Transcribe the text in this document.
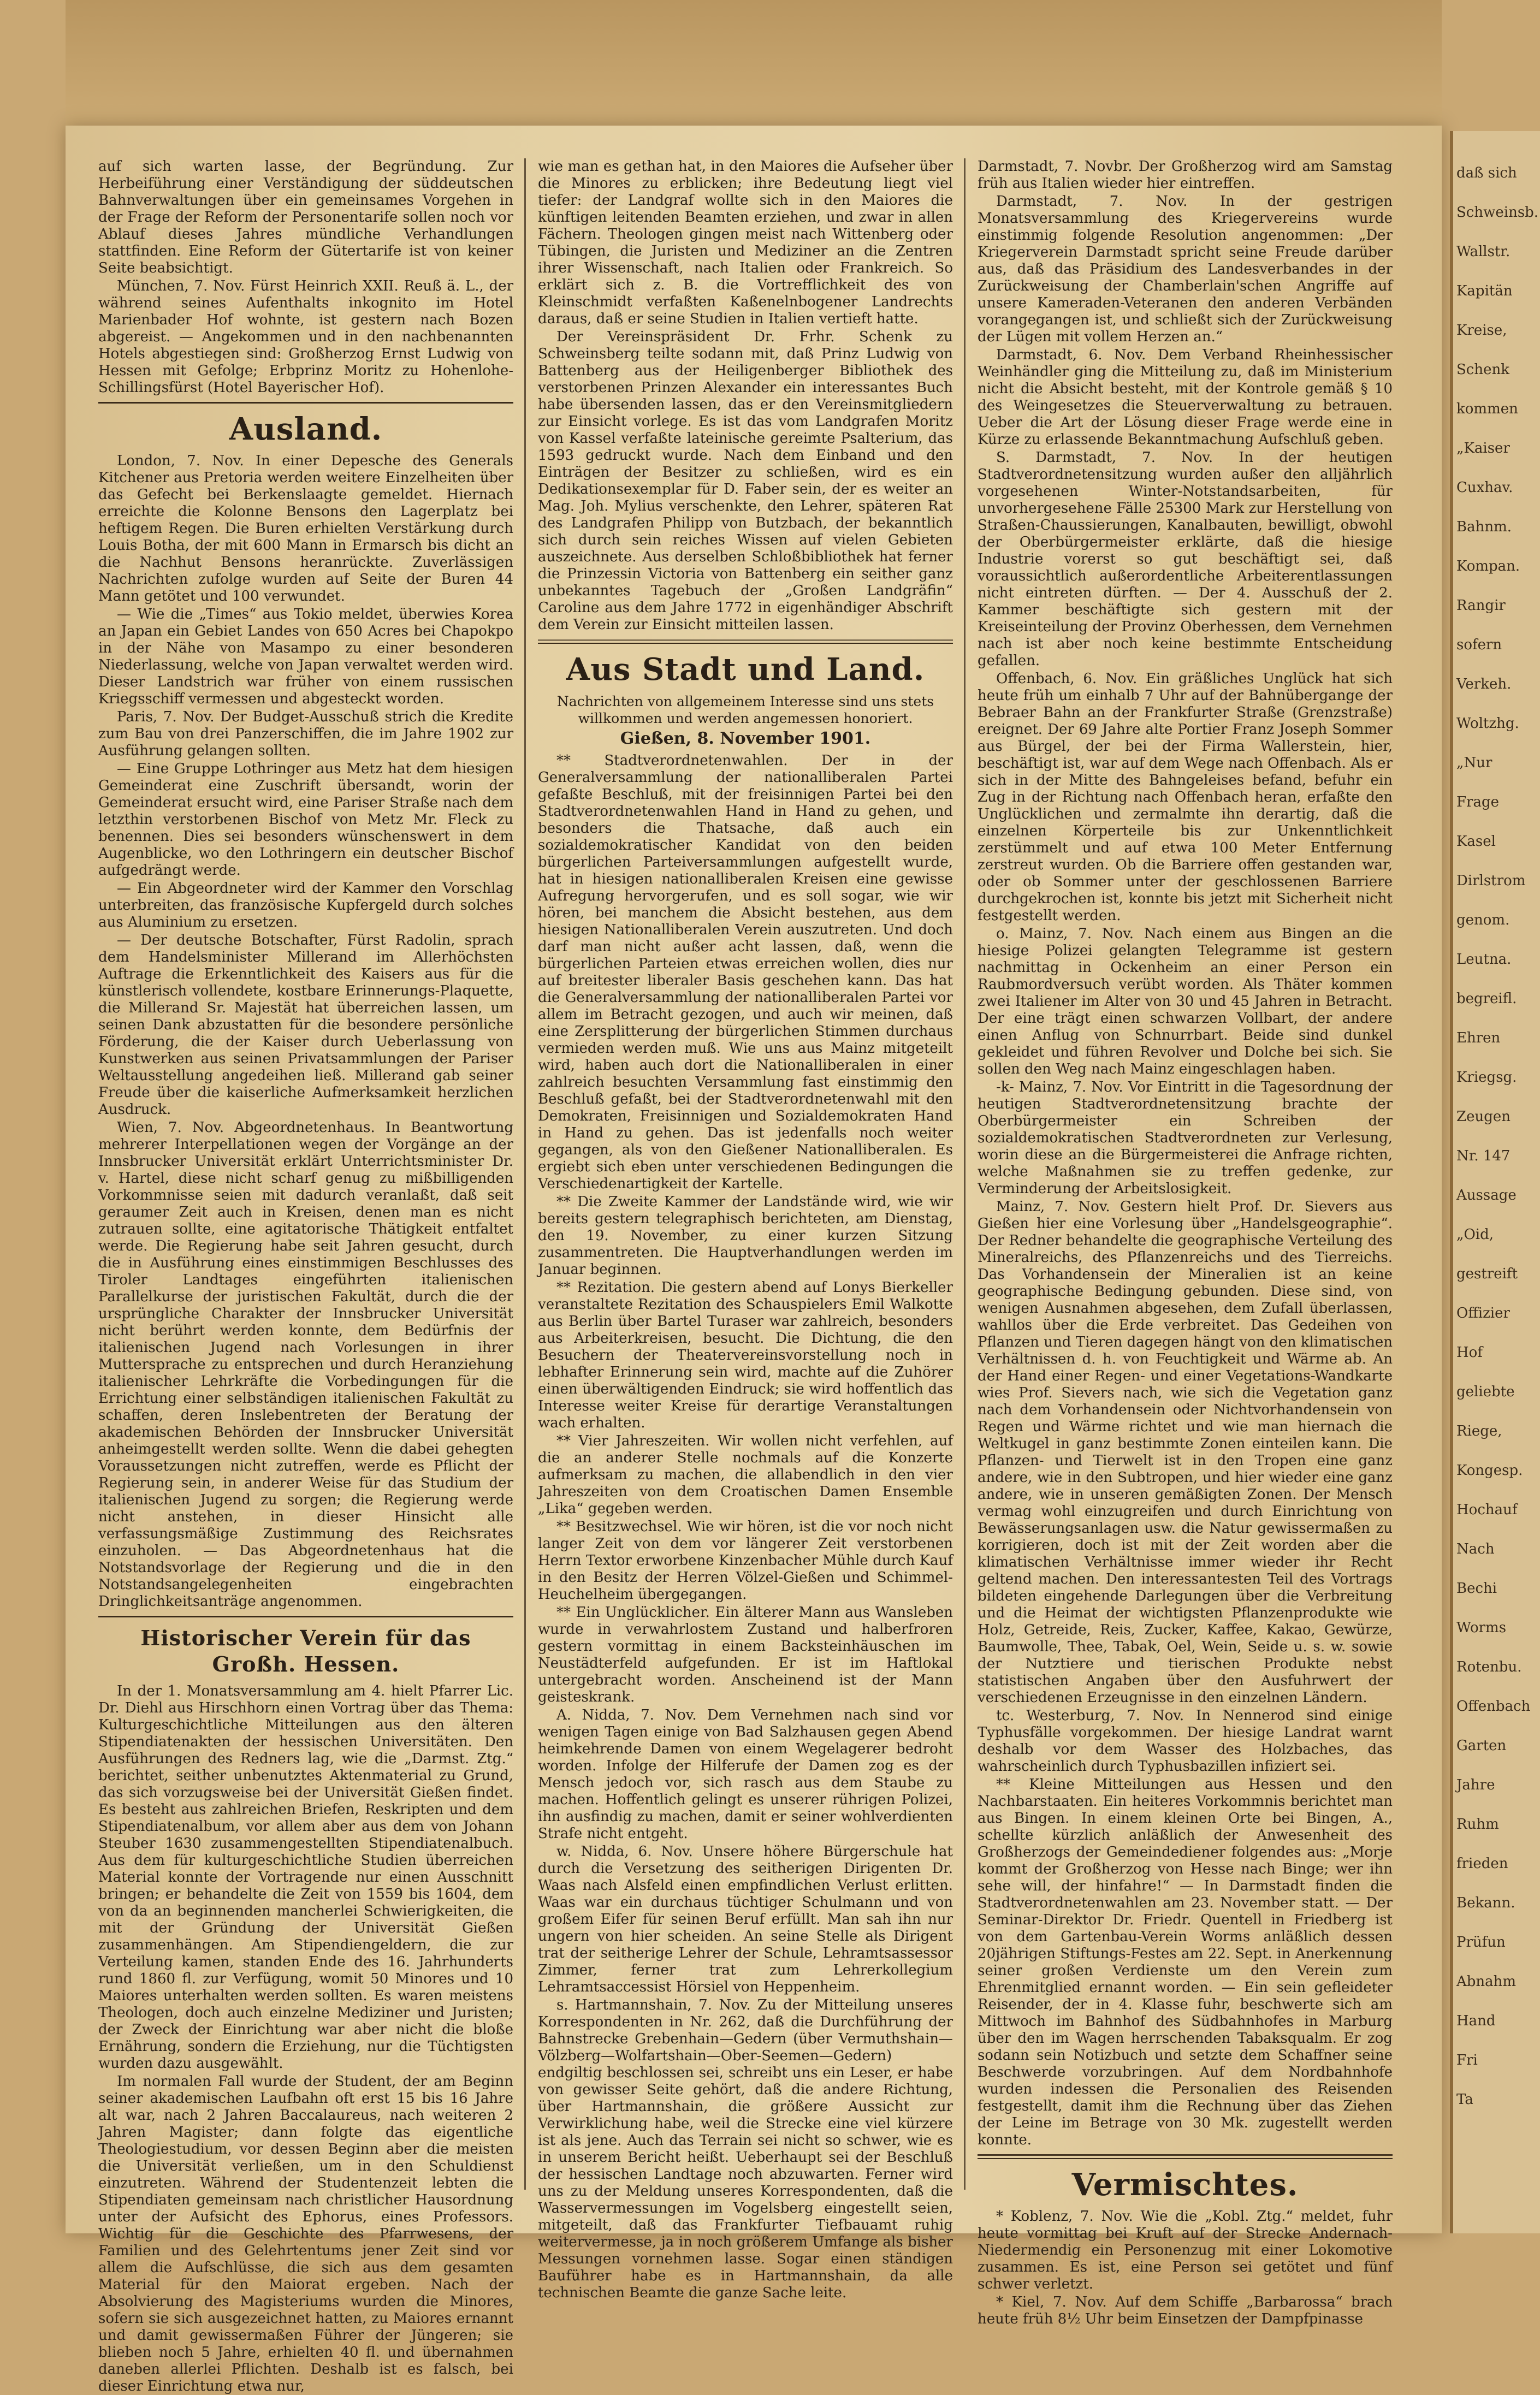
auf sich warten lasse, der Begründung. Zur Herbeiführung einer Verständigung der süddeutschen Bahnverwaltungen über ein gemeinsames Vorgehen in der Frage der Reform der Personentarife sollen noch vor Ablauf dieses Jahres mündliche Verhandlungen stattfinden. Eine Reform der Gütertarife ist von keiner Seite beabsichtigt.

München, 7. Nov. Fürst Heinrich XXII. Reuß ä. L., der während seines Aufenthalts inkognito im Hotel Marienbader Hof wohnte, ist gestern nach Bozen abgereist. — Angekommen und in den nachbenannten Hotels abgestiegen sind: Großherzog Ernst Ludwig von Hessen mit Gefolge; Erbprinz Moritz zu Hohenlohe-Schillingsfürst (Hotel Bayerischer Hof).

Ausland.

London, 7. Nov. In einer Depesche des Generals Kitchener aus Pretoria werden weitere Einzelheiten über das Gefecht bei Berkenslaagte gemeldet. Hiernach erreichte die Kolonne Bensons den Lagerplatz bei heftigem Regen. Die Buren erhielten Verstärkung durch Louis Botha, der mit 600 Mann in Ermarsch bis dicht an die Nachhut Bensons heranrückte. Zuverlässigen Nachrichten zufolge wurden auf Seite der Buren 44 Mann getötet und 100 verwundet.

— Wie die „Times“ aus Tokio meldet, überwies Korea an Japan ein Gebiet Landes von 650 Acres bei Chapokpo in der Nähe von Masampo zu einer besonderen Niederlassung, welche von Japan verwaltet werden wird. Dieser Landstrich war früher von einem russischen Kriegsschiff vermessen und abgesteckt worden.

Paris, 7. Nov. Der Budget-Ausschuß strich die Kredite zum Bau von drei Panzerschiffen, die im Jahre 1902 zur Ausführung gelangen sollten.

— Eine Gruppe Lothringer aus Metz hat dem hiesigen Gemeinderat eine Zuschrift übersandt, worin der Gemeinderat ersucht wird, eine Pariser Straße nach dem letzthin verstorbenen Bischof von Metz Mr. Fleck zu benennen. Dies sei besonders wünschenswert in dem Augenblicke, wo den Lothringern ein deutscher Bischof aufgedrängt werde.

— Ein Abgeordneter wird der Kammer den Vorschlag unterbreiten, das französische Kupfergeld durch solches aus Aluminium zu ersetzen.

— Der deutsche Botschafter, Fürst Radolin, sprach dem Handelsminister Millerand im Allerhöchsten Auftrage die Erkenntlichkeit des Kaisers aus für die künstlerisch vollendete, kostbare Erinnerungs-Plaquette, die Millerand Sr. Majestät hat überreichen lassen, um seinen Dank abzustatten für die besondere persönliche Förderung, die der Kaiser durch Ueberlassung von Kunstwerken aus seinen Privatsammlungen der Pariser Weltausstellung angedeihen ließ. Millerand gab seiner Freude über die kaiserliche Aufmerksamkeit herzlichen Ausdruck.

Wien, 7. Nov. Abgeordnetenhaus. In Beantwortung mehrerer Interpellationen wegen der Vorgänge an der Innsbrucker Universität erklärt Unterrichtsminister Dr. v. Hartel, diese nicht scharf genug zu mißbilligenden Vorkommnisse seien mit dadurch veranlaßt, daß seit geraumer Zeit auch in Kreisen, denen man es nicht zutrauen sollte, eine agitatorische Thätigkeit entfaltet werde. Die Regierung habe seit Jahren gesucht, durch die in Ausführung eines einstimmigen Beschlusses des Tiroler Landtages eingeführten italienischen Parallelkurse der juristischen Fakultät, durch die der ursprüngliche Charakter der Innsbrucker Universität nicht berührt werden konnte, dem Bedürfnis der italienischen Jugend nach Vorlesungen in ihrer Muttersprache zu entsprechen und durch Heranziehung italienischer Lehrkräfte die Vorbedingungen für die Errichtung einer selbständigen italienischen Fakultät zu schaffen, deren Inslebentreten der Beratung der akademischen Behörden der Innsbrucker Universität anheimgestellt werden sollte. Wenn die dabei gehegten Voraussetzungen nicht zutreffen, werde es Pflicht der Regierung sein, in anderer Weise für das Studium der italienischen Jugend zu sorgen; die Regierung werde nicht anstehen, in dieser Hinsicht alle verfassungsmäßige Zustimmung des Reichsrates einzuholen. — Das Abgeordnetenhaus hat die Notstandsvorlage der Regierung und die in den Notstandsangelegenheiten eingebrachten Dringlichkeitsanträge angenommen.

Historischer Verein für das Großh. Hessen.

In der 1. Monatsversammlung am 4. hielt Pfarrer Lic. Dr. Diehl aus Hirschhorn einen Vortrag über das Thema: Kulturgeschichtliche Mitteilungen aus den älteren Stipendiatenakten der hessischen Universitäten. Den Ausführungen des Redners lag, wie die „Darmst. Ztg.“ berichtet, seither unbenutztes Aktenmaterial zu Grund, das sich vorzugsweise bei der Universität Gießen findet. Es besteht aus zahlreichen Briefen, Reskripten und dem Stipendiatenalbum, vor allem aber aus dem von Johann Steuber 1630 zusammengestellten Stipendiatenalbuch. Aus dem für kulturgeschichtliche Studien überreichen Material konnte der Vortragende nur einen Ausschnitt bringen; er behandelte die Zeit von 1559 bis 1604, dem von da an beginnenden mancherlei Schwierigkeiten, die mit der Gründung der Universität Gießen zusammenhängen. Am Stipendiengeldern, die zur Verteilung kamen, standen Ende des 16. Jahrhunderts rund 1860 fl. zur Verfügung, womit 50 Minores und 10 Maiores unterhalten werden sollten. Es waren meistens Theologen, doch auch einzelne Mediziner und Juristen; der Zweck der Einrichtung war aber nicht die bloße Ernährung, sondern die Erziehung, nur die Tüchtigsten wurden dazu ausgewählt.

Im normalen Fall wurde der Student, der am Beginn seiner akademischen Laufbahn oft erst 15 bis 16 Jahre alt war, nach 2 Jahren Baccalaureus, nach weiteren 2 Jahren Magister; dann folgte das eigentliche Theologiestudium, vor dessen Beginn aber die meisten die Universität verließen, um in den Schuldienst einzutreten. Während der Studentenzeit lebten die Stipendiaten gemeinsam nach christlicher Hausordnung unter der Aufsicht des Ephorus, eines Professors. Wichtig für die Geschichte des Pfarrwesens, der Familien und des Gelehrtentums jener Zeit sind vor allem die Aufschlüsse, die sich aus dem gesamten Material für den Maiorat ergeben. Nach der Absolvierung des Magisteriums wurden die Minores, sofern sie sich ausgezeichnet hatten, zu Maiores ernannt und damit gewissermaßen Führer der Jüngeren; sie blieben noch 5 Jahre, erhielten 40 fl. und übernahmen daneben allerlei Pflichten. Deshalb ist es falsch, bei dieser Einrichtung etwa nur,

wie man es gethan hat, in den Maiores die Aufseher über die Minores zu erblicken; ihre Bedeutung liegt viel tiefer: der Landgraf wollte sich in den Maiores die künftigen leitenden Beamten erziehen, und zwar in allen Fächern. Theologen gingen meist nach Wittenberg oder Tübingen, die Juristen und Mediziner an die Zentren ihrer Wissenschaft, nach Italien oder Frankreich. So erklärt sich z. B. die Vortrefflichkeit des von Kleinschmidt verfaßten Kaßenelnbogener Landrechts daraus, daß er seine Studien in Italien vertieft hatte.

Der Vereinspräsident Dr. Frhr. Schenk zu Schweinsberg teilte sodann mit, daß Prinz Ludwig von Battenberg aus der Heiligenberger Bibliothek des verstorbenen Prinzen Alexander ein interessantes Buch habe übersenden lassen, das er den Vereinsmitgliedern zur Einsicht vorlege. Es ist das vom Landgrafen Moritz von Kassel verfaßte lateinische gereimte Psalterium, das 1593 gedruckt wurde. Nach dem Einband und den Einträgen der Besitzer zu schließen, wird es ein Dedikationsexemplar für D. Faber sein, der es weiter an Mag. Joh. Mylius verschenkte, den Lehrer, späteren Rat des Landgrafen Philipp von Butzbach, der bekanntlich sich durch sein reiches Wissen auf vielen Gebieten auszeichnete. Aus derselben Schloßbibliothek hat ferner die Prinzessin Victoria von Battenberg ein seither ganz unbekanntes Tagebuch der „Großen Landgräfin“ Caroline aus dem Jahre 1772 in eigenhändiger Abschrift dem Verein zur Einsicht mitteilen lassen.

Aus Stadt und Land.

Nachrichten von allgemeinem Interesse sind uns stets willkommen und werden angemessen honoriert.

Gießen, 8. November 1901.

** Stadtverordnetenwahlen. Der in der Generalversammlung der nationalliberalen Partei gefaßte Beschluß, mit der freisinnigen Partei bei den Stadtverordnetenwahlen Hand in Hand zu gehen, und besonders die Thatsache, daß auch ein sozialdemokratischer Kandidat von den beiden bürgerlichen Parteiversammlungen aufgestellt wurde, hat in hiesigen nationalliberalen Kreisen eine gewisse Aufregung hervorgerufen, und es soll sogar, wie wir hören, bei manchem die Absicht bestehen, aus dem hiesigen Nationalliberalen Verein auszutreten. Und doch darf man nicht außer acht lassen, daß, wenn die bürgerlichen Parteien etwas erreichen wollen, dies nur auf breitester liberaler Basis geschehen kann. Das hat die Generalversammlung der nationalliberalen Partei vor allem im Betracht gezogen, und auch wir meinen, daß eine Zersplitterung der bürgerlichen Stimmen durchaus vermieden werden muß. Wie uns aus Mainz mitgeteilt wird, haben auch dort die Nationalliberalen in einer zahlreich besuchten Versammlung fast einstimmig den Beschluß gefaßt, bei der Stadtverordnetenwahl mit den Demokraten, Freisinnigen und Sozialdemokraten Hand in Hand zu gehen. Das ist jedenfalls noch weiter gegangen, als von den Gießener Nationalliberalen. Es ergiebt sich eben unter verschiedenen Bedingungen die Verschiedenartigkeit der Kartelle.

** Die Zweite Kammer der Landstände wird, wie wir bereits gestern telegraphisch berichteten, am Dienstag, den 19. November, zu einer kurzen Sitzung zusammentreten. Die Hauptverhandlungen werden im Januar beginnen.

** Rezitation. Die gestern abend auf Lonys Bierkeller veranstaltete Rezitation des Schauspielers Emil Walkotte aus Berlin über Bartel Turaser war zahlreich, besonders aus Arbeiterkreisen, besucht. Die Dichtung, die den Besuchern der Theatervereinsvorstellung noch in lebhafter Erinnerung sein wird, machte auf die Zuhörer einen überwältigenden Eindruck; sie wird hoffentlich das Interesse weiter Kreise für derartige Veranstaltungen wach erhalten.

** Vier Jahreszeiten. Wir wollen nicht verfehlen, auf die an anderer Stelle nochmals auf die Konzerte aufmerksam zu machen, die allabendlich in den vier Jahreszeiten von dem Croatischen Damen Ensemble „Lika“ gegeben werden.

** Besitzwechsel. Wie wir hören, ist die vor noch nicht langer Zeit von dem vor längerer Zeit verstorbenen Herrn Textor erworbene Kinzenbacher Mühle durch Kauf in den Besitz der Herren Völzel-Gießen und Schimmel-Heuchelheim übergegangen.

** Ein Unglücklicher. Ein älterer Mann aus Wansleben wurde in verwahrlostem Zustand und halberfroren gestern vormittag in einem Backsteinhäuschen im Neustädterfeld aufgefunden. Er ist im Haftlokal untergebracht worden. Anscheinend ist der Mann geisteskrank.

A. Nidda, 7. Nov. Dem Vernehmen nach sind vor wenigen Tagen einige von Bad Salzhausen gegen Abend heimkehrende Damen von einem Wegelagerer bedroht worden. Infolge der Hilferufe der Damen zog es der Mensch jedoch vor, sich rasch aus dem Staube zu machen. Hoffentlich gelingt es unserer rührigen Polizei, ihn ausfindig zu machen, damit er seiner wohlverdienten Strafe nicht entgeht.

w. Nidda, 6. Nov. Unsere höhere Bürgerschule hat durch die Versetzung des seitherigen Dirigenten Dr. Waas nach Alsfeld einen empfindlichen Verlust erlitten. Waas war ein durchaus tüchtiger Schulmann und von großem Eifer für seinen Beruf erfüllt. Man sah ihn nur ungern von hier scheiden. An seine Stelle als Dirigent trat der seitherige Lehrer der Schule, Lehramtsassessor Zimmer, ferner trat zum Lehrerkollegium Lehramtsaccessist Hörsiel von Heppenheim.

s. Hartmannshain, 7. Nov. Zu der Mitteilung unseres Korrespondenten in Nr. 262, daß die Durchführung der Bahnstrecke Grebenhain—Gedern (über Vermuthshain—Völzberg—Wolfartshain—Ober-Seemen—Gedern) endgiltig beschlossen sei, schreibt uns ein Leser, er habe von gewisser Seite gehört, daß die andere Richtung, über Hartmannshain, die größere Aussicht zur Verwirklichung habe, weil die Strecke eine viel kürzere ist als jene. Auch das Terrain sei nicht so schwer, wie es in unserem Bericht heißt. Ueberhaupt sei der Beschluß der hessischen Landtage noch abzuwarten. Ferner wird uns zu der Meldung unseres Korrespondenten, daß die Wasservermessungen im Vogelsberg eingestellt seien, mitgeteilt, daß das Frankfurter Tiefbauamt ruhig weitervermesse, ja in noch größerem Umfange als bisher Messungen vornehmen lasse. Sogar einen ständigen Bauführer habe es in Hartmannshain, da alle technischen Beamte die ganze Sache leite.

Darmstadt, 7. Novbr. Der Großherzog wird am Samstag früh aus Italien wieder hier eintreffen.

Darmstadt, 7. Nov. In der gestrigen Monatsversammlung des Kriegervereins wurde einstimmig folgende Resolution angenommen: „Der Kriegerverein Darmstadt spricht seine Freude darüber aus, daß das Präsidium des Landesverbandes in der Zurückweisung der Chamberlain'schen Angriffe auf unsere Kameraden-Veteranen den anderen Verbänden vorangegangen ist, und schließt sich der Zurückweisung der Lügen mit vollem Herzen an.“

Darmstadt, 6. Nov. Dem Verband Rheinhessischer Weinhändler ging die Mitteilung zu, daß im Ministerium nicht die Absicht besteht, mit der Kontrole gemäß § 10 des Weingesetzes die Steuerverwaltung zu betrauen. Ueber die Art der Lösung dieser Frage werde eine in Kürze zu erlassende Bekanntmachung Aufschluß geben.

S. Darmstadt, 7. Nov. In der heutigen Stadtverordnetensitzung wurden außer den alljährlich vorgesehenen Winter-Notstandsarbeiten, für unvorhergesehene Fälle 25300 Mark zur Herstellung von Straßen-Chaussierungen, Kanalbauten, bewilligt, obwohl der Oberbürgermeister erklärte, daß die hiesige Industrie vorerst so gut beschäftigt sei, daß voraussichtlich außerordentliche Arbeiterentlassungen nicht eintreten dürften. — Der 4. Ausschuß der 2. Kammer beschäftigte sich gestern mit der Kreiseinteilung der Provinz Oberhessen, dem Vernehmen nach ist aber noch keine bestimmte Entscheidung gefallen.

Offenbach, 6. Nov. Ein gräßliches Unglück hat sich heute früh um einhalb 7 Uhr auf der Bahnübergange der Bebraer Bahn an der Frankfurter Straße (Grenzstraße) ereignet. Der 69 Jahre alte Portier Franz Joseph Sommer aus Bürgel, der bei der Firma Wallerstein, hier, beschäftigt ist, war auf dem Wege nach Offenbach. Als er sich in der Mitte des Bahngeleises befand, befuhr ein Zug in der Richtung nach Offenbach heran, erfaßte den Unglücklichen und zermalmte ihn derartig, daß die einzelnen Körperteile bis zur Unkenntlichkeit zerstümmelt und auf etwa 100 Meter Entfernung zerstreut wurden. Ob die Barriere offen gestanden war, oder ob Sommer unter der geschlossenen Barriere durchgekrochen ist, konnte bis jetzt mit Sicherheit nicht festgestellt werden.

o. Mainz, 7. Nov. Nach einem aus Bingen an die hiesige Polizei gelangten Telegramme ist gestern nachmittag in Ockenheim an einer Person ein Raubmordversuch verübt worden. Als Thäter kommen zwei Italiener im Alter von 30 und 45 Jahren in Betracht. Der eine trägt einen schwarzen Vollbart, der andere einen Anflug von Schnurrbart. Beide sind dunkel gekleidet und führen Revolver und Dolche bei sich. Sie sollen den Weg nach Mainz eingeschlagen haben.

-k- Mainz, 7. Nov. Vor Eintritt in die Tagesordnung der heutigen Stadtverordnetensitzung brachte der Oberbürgermeister ein Schreiben der sozialdemokratischen Stadtverordneten zur Verlesung, worin diese an die Bürgermeisterei die Anfrage richten, welche Maßnahmen sie zu treffen gedenke, zur Verminderung der Arbeitslosigkeit.

Mainz, 7. Nov. Gestern hielt Prof. Dr. Sievers aus Gießen hier eine Vorlesung über „Handelsgeographie“. Der Redner behandelte die geographische Verteilung des Mineralreichs, des Pflanzenreichs und des Tierreichs. Das Vorhandensein der Mineralien ist an keine geographische Bedingung gebunden. Diese sind, von wenigen Ausnahmen abgesehen, dem Zufall überlassen, wahllos über die Erde verbreitet. Das Gedeihen von Pflanzen und Tieren dagegen hängt von den klimatischen Verhältnissen d. h. von Feuchtigkeit und Wärme ab. An der Hand einer Regen- und einer Vegetations-Wandkarte wies Prof. Sievers nach, wie sich die Vegetation ganz nach dem Vorhandensein oder Nichtvorhandensein von Regen und Wärme richtet und wie man hiernach die Weltkugel in ganz bestimmte Zonen einteilen kann. Die Pflanzen- und Tierwelt ist in den Tropen eine ganz andere, wie in den Subtropen, und hier wieder eine ganz andere, wie in unseren gemäßigten Zonen. Der Mensch vermag wohl einzugreifen und durch Einrichtung von Bewässerungsanlagen usw. die Natur gewissermaßen zu korrigieren, doch ist mit der Zeit worden aber die klimatischen Verhältnisse immer wieder ihr Recht geltend machen. Den interessantesten Teil des Vortrags bildeten eingehende Darlegungen über die Verbreitung und die Heimat der wichtigsten Pflanzenprodukte wie Holz, Getreide, Reis, Zucker, Kaffee, Kakao, Gewürze, Baumwolle, Thee, Tabak, Oel, Wein, Seide u. s. w. sowie der Nutztiere und tierischen Produkte nebst statistischen Angaben über den Ausfuhrwert der verschiedenen Erzeugnisse in den einzelnen Ländern.

tc. Westerburg, 7. Nov. In Nennerod sind einige Typhusfälle vorgekommen. Der hiesige Landrat warnt deshalb vor dem Wasser des Holzbaches, das wahrscheinlich durch Typhusbazillen infiziert sei.

** Kleine Mitteilungen aus Hessen und den Nachbarstaaten. Ein heiteres Vorkommnis berichtet man aus Bingen. In einem kleinen Orte bei Bingen, A., schellte kürzlich anläßlich der Anwesenheit des Großherzogs der Gemeindediener folgendes aus: „Morje kommt der Großherzog von Hesse nach Binge; wer ihn sehe will, der hinfahre!“ — In Darmstadt finden die Stadtverordnetenwahlen am 23. November statt. — Der Seminar-Direktor Dr. Friedr. Quentell in Friedberg ist von dem Gartenbau-Verein Worms anläßlich dessen 20jährigen Stiftungs-Festes am 22. Sept. in Anerkennung seiner großen Verdienste um den Verein zum Ehrenmitglied ernannt worden. — Ein sein gefleideter Reisender, der in 4. Klasse fuhr, beschwerte sich am Mittwoch im Bahnhof des Südbahnhofes in Marburg über den im Wagen herrschenden Tabaksqualm. Er zog sodann sein Notizbuch und setzte dem Schaffner seine Beschwerde vorzubringen. Auf dem Nordbahnhofe wurden indessen die Personalien des Reisenden festgestellt, damit ihm die Rechnung über das Ziehen der Leine im Betrage von 30 Mk. zugestellt werden konnte.

Vermischtes.

* Koblenz, 7. Nov. Wie die „Kobl. Ztg.“ meldet, fuhr heute vormittag bei Kruft auf der Strecke Andernach-Niedermendig ein Personenzug mit einer Lokomotive zusammen. Es ist, eine Person sei getötet und fünf schwer verletzt.

* Kiel, 7. Nov. Auf dem Schiffe „Barbarossa“ brach heute früh 8½ Uhr beim Einsetzen der Dampfpinasse

daß sich
Schweinsb.
Wallstr.
Kapitän
Kreise,
Schenk
kommen
„Kaiser
Cuxhav.
Bahnm.
Kompan.
Rangir
sofern
Verkeh.
Woltzhg.
„Nur
Frage
Kasel
Dirlstrom
genom.
Leutna.
begreifl.
Ehren
Kriegsg.
Zeugen
Nr. 147
Aussage
„Oid,
gestreift
Offizier
Hof
geliebte
Riege,
Kongesp.
Hochauf
Nach
Bechi
Worms
Rotenbu.
Offenbach
Garten
Jahre
Ruhm
frieden
Bekann.
Prüfun
Abnahm
Hand
Fri
Ta
